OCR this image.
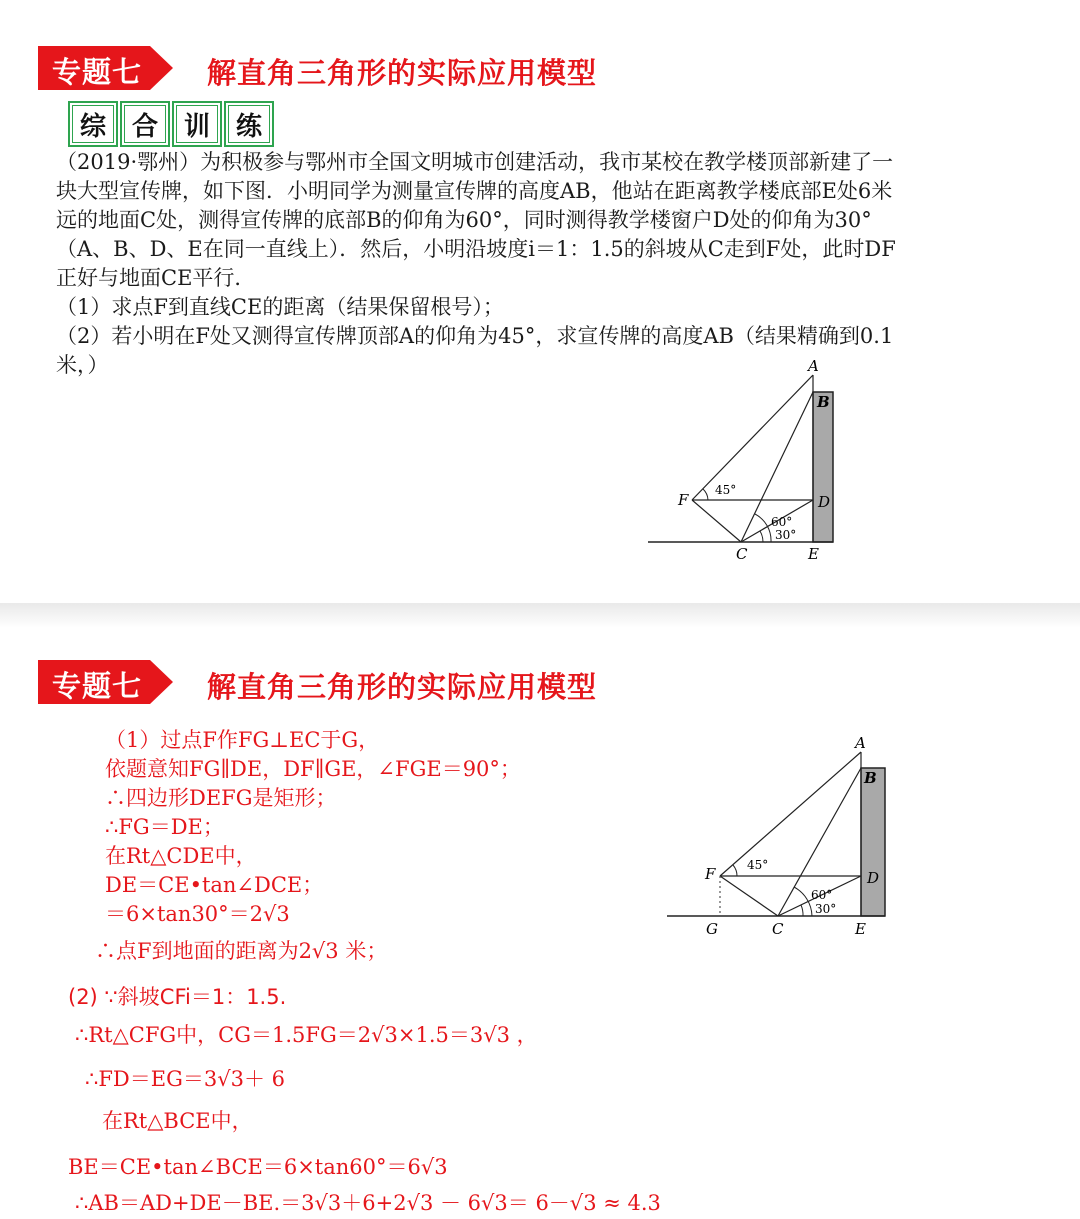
专题七 解直角三角形的实际应用模型
综 合 训 练

（2019·鄂州）为积极参与鄂州市全国文明城市创建活动，我市某校在教学楼顶部新建了一

块大型宣传牌，如下图．小明同学为测量宣传牌的高度AB，他站在距离教学楼底部E处6米

远的地面C处，测得宣传牌的底部B的仰角为60°，同时测得教学楼窗户D处的仰角为30°

（A、B、D、E在同一直线上）．然后，小明沿坡度i＝1：1.5的斜坡从C走到F处，此时DF

正好与地面CE平行．

（1）求点F到直线CE的距离（结果保留根号）；

（2）若小明在F处又测得宣传牌顶部A的仰角为45°，求宣传牌的高度AB（结果精确到0.1

米，）	A
B
D
F
C	E
45°
60°
30°
专题七 解直角三角形的实际应用模型
A
B
D
F
G	C	E
45°
60°
30°
（1）过点F作FG⊥EC于G，
依题意知FG∥DE，DF∥GE，∠FGE＝90°；
∴四边形DEFG是矩形；
∴FG＝DE；
在Rt△CDE中，
DE＝CE•tan∠DCE；
＝6×tan30°＝2√3
∴点F到地面的距离为2√3 米；
(2) ∵斜坡CFi＝1：1.5.
∴Rt△CFG中，CG＝1.5FG＝2√3×1.5＝3√3 ，
∴FD＝EG＝3√3＋ 6
在Rt△BCE中，
BE＝CE•tan∠BCE＝6×tan60°＝6√3
∴AB＝AD+DE－BE.＝3√3＋6+2√3 － 6√3＝ 6－√3 ≈ 4.3
